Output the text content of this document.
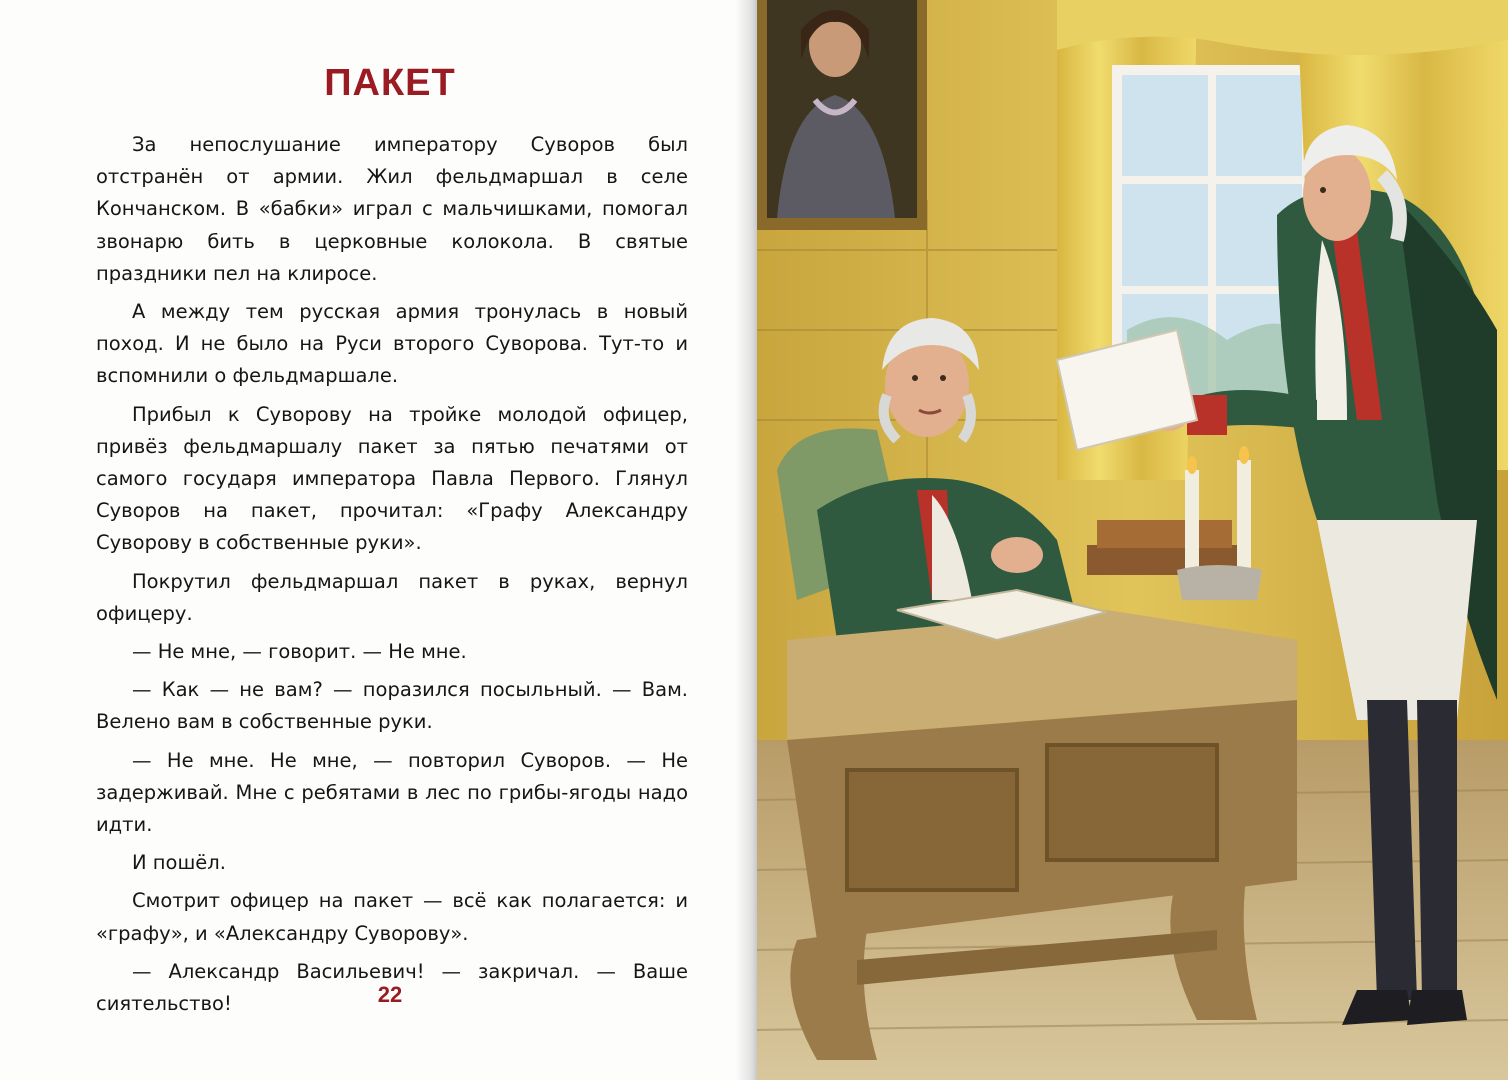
ПАКЕТ

За непослушание императору Суворов был отстранён от армии. Жил фельдмаршал в селе Кончанском. В «бабки» играл с мальчишками, помогал звонарю бить в церковные колокола. В святые праздники пел на клиросе.

А между тем русская армия тронулась в новый поход. И не было на Руси второго Суворова. Тут-то и вспомнили о фельдмаршале.

Прибыл к Суворову на тройке молодой офицер, привёз фельдмаршалу пакет за пятью печатями от самого государя императора Павла Первого. Глянул Суворов на пакет, прочитал: «Графу Александру Суворову в собственные руки».

Покрутил фельдмаршал пакет в руках, вернул офицеру.

— Не мне, — говорит. — Не мне.

— Как — не вам? — поразился посыльный. — Вам. Велено вам в собственные руки.

— Не мне. Не мне, — повторил Суворов. — Не задерживай. Мне с ребятами в лес по грибы-ягоды надо идти.

И пошёл.

Смотрит офицер на пакет — всё как полагается: и «графу», и «Александру Суворову».

— Александр Васильевич! — закричал. — Ваше сиятельство!	22
